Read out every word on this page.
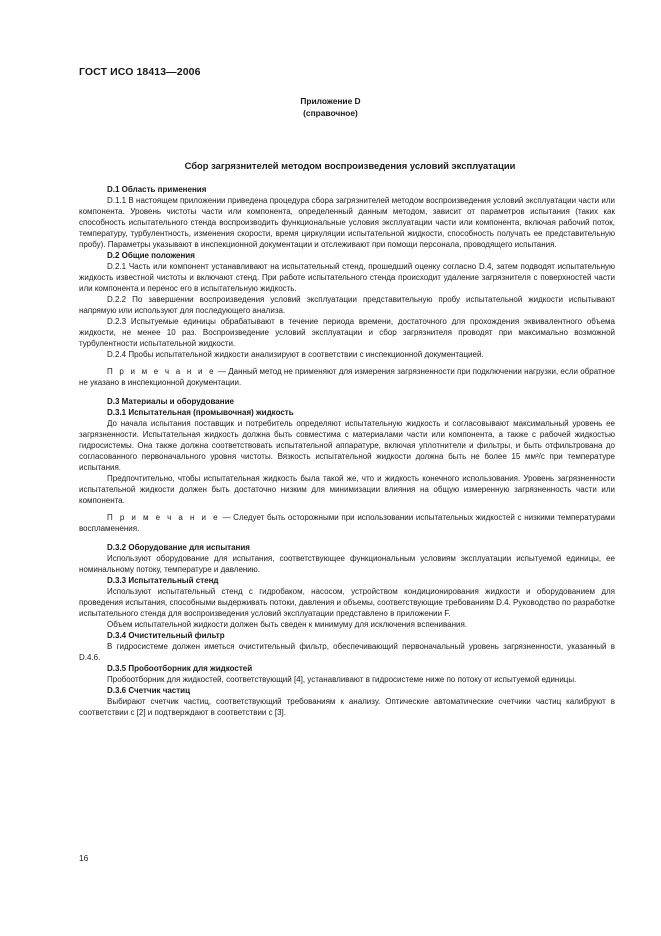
ГОСТ ИСО 18413—2006
Приложение D
(справочное)
Сбор загрязнителей методом воспроизведения условий эксплуатации

D.1 Область применения

D.1.1 В настоящем приложении приведена процедура сбора загрязнителей методом воспроизведения условий эксплуатации части или компонента. Уровень чистоты части или компонента, определенный данным методом, зависит от параметров испытания (таких как способность испытательного стенда воспроизводить функциональные условия эксплуатации части или компонента, включая рабочий поток, температуру, турбулентность, изменения скорости, время циркуляции испытательной жидкости, способность получать ее представительную пробу). Параметры указывают в инспекционной документации и отслеживают при помощи персонала, проводящего испытания.

D.2 Общие положения

D.2.1 Часть или компонент устанавливают на испытательный стенд, прошедший оценку согласно D.4, затем подводят испытательную жидкость известной чистоты и включают стенд. При работе испытательного стенда происходит удаление загрязнителя с поверхностей части или компонента и перенос его в испытательную жидкость.

D.2.2 По завершении воспроизведения условий эксплуатации представительную пробу испытательной жидкости испытывают напрямую или используют для последующего анализа.

D.2.3 Испытуемые единицы обрабатывают в течение периода времени, достаточного для прохождения эквивалентного объема жидкости, не менее 10 раз. Воспроизведение условий эксплуатации и сбор загрязнителя проводят при максимально возможной турбулентности испытательной жидкости.

D.2.4 Пробы испытательной жидкости анализируют в соответствии с инспекционной документацией.

П р и м е ч а н и е — Данный метод не применяют для измерения загрязненности при подключении нагрузки, если обратное не указано в инспекционной документации.

D.3 Материалы и оборудование

D.3.1 Испытательная (промывочная) жидкость

До начала испытания поставщик и потребитель определяют испытательную жидкость и согласовывают максимальный уровень ее загрязненности. Испытательная жидкость должна быть совместима с материалами части или компонента, а также с рабочей жидкостью гидросистемы. Она также должна соответствовать испытательной аппаратуре, включая уплотнители и фильтры, и быть отфильтрована до согласованного первоначального уровня чистоты. Вязкость испытательной жидкости должна быть не более 15 мм²/с при температуре испытания.

Предпочтительно, чтобы испытательная жидкость была такой же, что и жидкость конечного использования. Уровень загрязненности испытательной жидкости должен быть достаточно низким для минимизации влияния на общую измеренную загрязненность части или компонента.

П р и м е ч а н и е — Следует быть осторожными при использовании испытательных жидкостей с низкими температурами воспламенения.

D.3.2 Оборудование для испытания

Используют оборудование для испытания, соответствующее функциональным условиям эксплуатации испытуемой единицы, ее номинальному потоку, температуре и давлению.

D.3.3 Испытательный стенд

Используют испытательный стенд с гидробаком, насосом, устройством кондиционирования жидкости и оборудованием для проведения испытания, способными выдерживать потоки, давления и объемы, соответствующие требованиям D.4. Руководство по разработке испытательного стенда для воспроизведения условий эксплуатации представлено в приложении F.

Объем испытательной жидкости должен быть сведен к минимуму для исключения вспенивания.

D.3.4 Очистительный фильтр

В гидросистеме должен иметься очистительный фильтр, обеспечивающий первоначальный уровень загрязненности, указанный в D.4.6.

D.3.5 Пробоотборник для жидкостей

Пробоотборник для жидкостей, соответствующий [4], устанавливают в гидросистеме ниже по потоку от испытуемой единицы.

D.3.6 Счетчик частиц

Выбирают счетчик частиц, соответствующий требованиям к анализу. Оптические автоматические счетчики частиц калибруют в соответствии с [2] и подтверждают в соответствии с [3].

16
